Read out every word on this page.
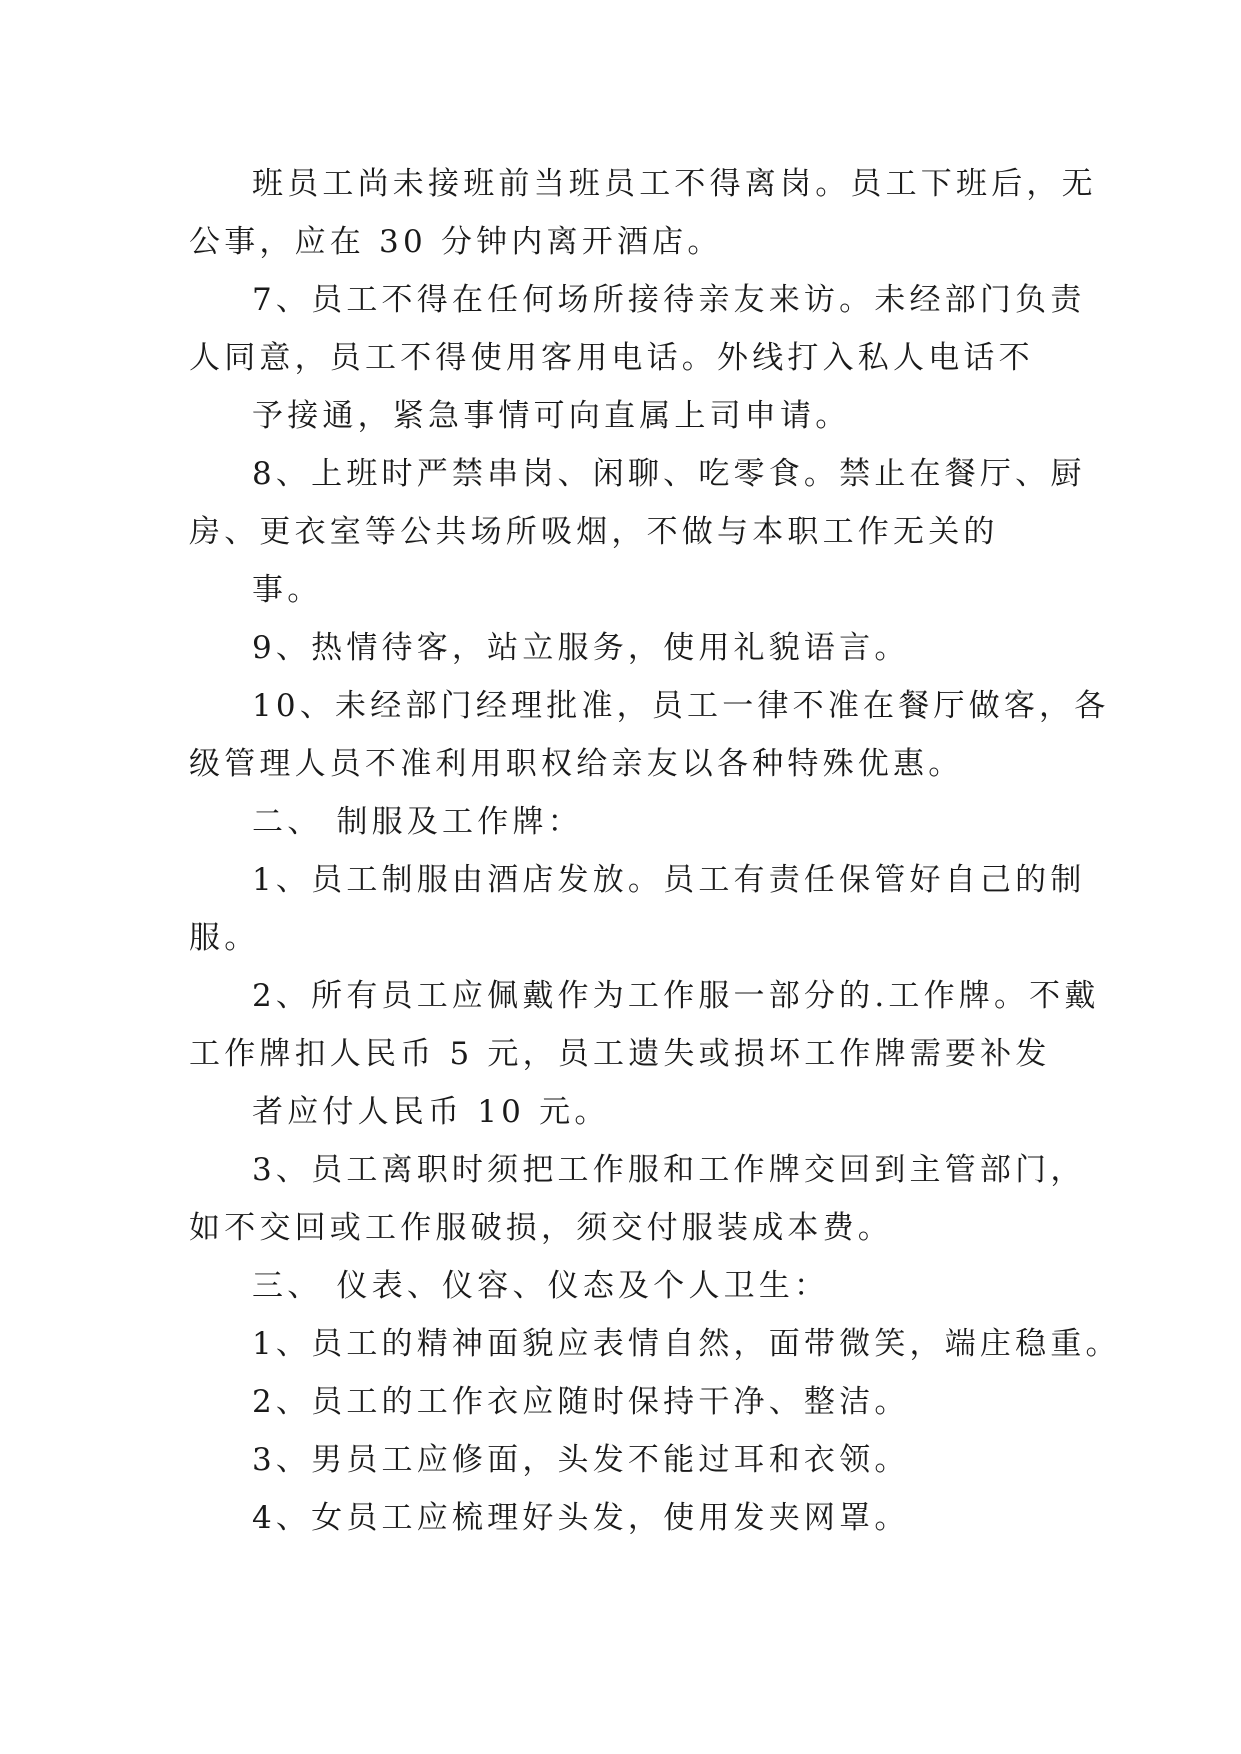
班员工尚未接班前当班员工不得离岗。员工下班后，无
公事，应在 30 分钟内离开酒店。
7、员工不得在任何场所接待亲友来访。未经部门负责
人同意，员工不得使用客用电话。外线打入私人电话不
予接通，紧急事情可向直属上司申请。
8、上班时严禁串岗、闲聊、吃零食。禁止在餐厅、厨
房、更衣室等公共场所吸烟，不做与本职工作无关的
事。
9、热情待客，站立服务，使用礼貌语言。
10、未经部门经理批准，员工一律不准在餐厅做客，各
级管理人员不准利用职权给亲友以各种特殊优惠。
二、 制服及工作牌：
1、员工制服由酒店发放。员工有责任保管好自己的制
服。
2、所有员工应佩戴作为工作服一部分的.工作牌。不戴
工作牌扣人民币 5 元，员工遗失或损坏工作牌需要补发
者应付人民币 10 元。
3、员工离职时须把工作服和工作牌交回到主管部门，
如不交回或工作服破损，须交付服装成本费。
三、 仪表、仪容、仪态及个人卫生：
1、员工的精神面貌应表情自然，面带微笑，端庄稳重。
2、员工的工作衣应随时保持干净、整洁。
3、男员工应修面，头发不能过耳和衣领。
4、女员工应梳理好头发，使用发夹网罩。
